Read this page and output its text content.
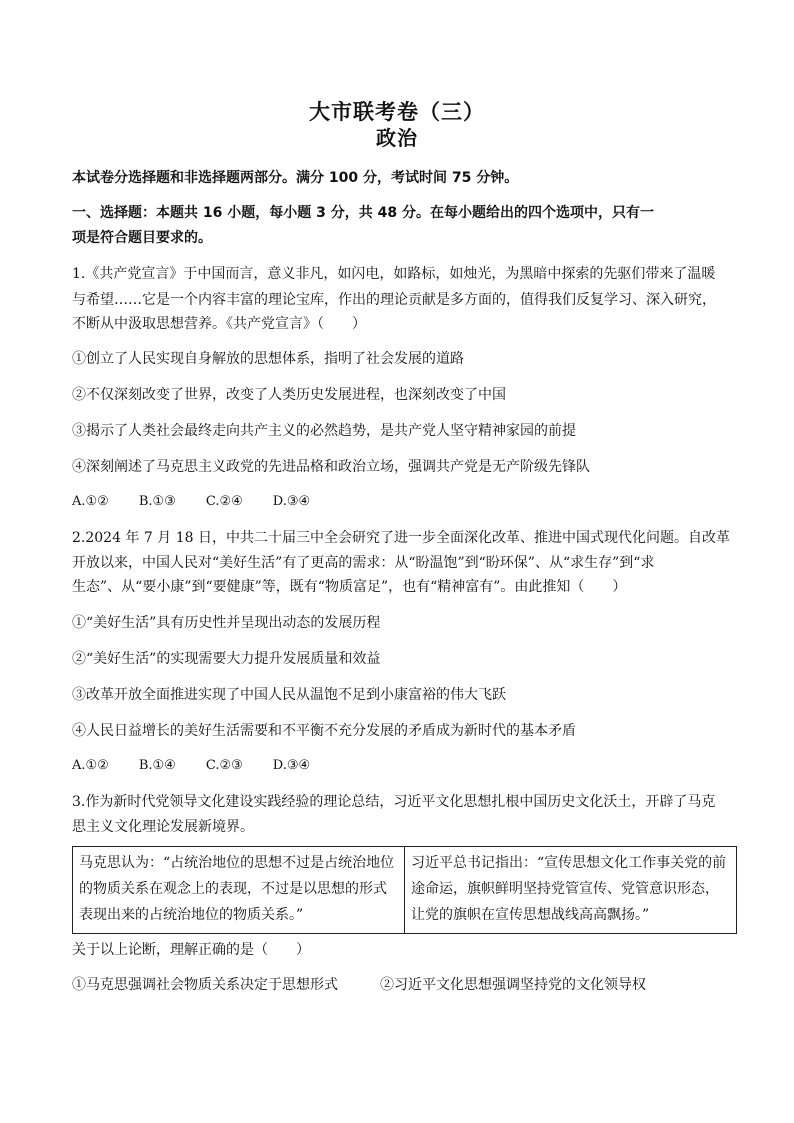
大市联考卷（三）
政治
本试卷分选择题和非选择题两部分。满分 100 分，考试时间 75 分钟。
一、选择题：本题共 16 小题，每小题 3 分，共 48 分。在每小题给出的四个选项中，只有一
项是符合题目要求的。
1.《共产党宣言》于中国而言，意义非凡，如闪电，如路标，如烛光，为黑暗中探索的先驱们带来了温暖
与希望……它是一个内容丰富的理论宝库，作出的理论贡献是多方面的，值得我们反复学习、深入研究，
不断从中汲取思想营养。《共产党宣言》（　　）
①创立了人民实现自身解放的思想体系，指明了社会发展的道路
②不仅深刻改变了世界，改变了人类历史发展进程，也深刻改变了中国
③揭示了人类社会最终走向共产主义的必然趋势，是共产党人坚守精神家园的前提
④深刻阐述了马克思主义政党的先进品格和政治立场，强调共产党是无产阶级先锋队
A.①② B.①③ C.②④ D.③④
2.2024 年 7 月 18 日，中共二十届三中全会研究了进一步全面深化改革、推进中国式现代化问题。自改革
开放以来，中国人民对“美好生活”有了更高的需求：从“盼温饱”到“盼环保”、从“求生存”到“求
生态”、从“要小康”到“要健康”等，既有“物质富足”，也有“精神富有”。由此推知（　　）
①“美好生活”具有历史性并呈现出动态的发展历程
②“美好生活”的实现需要大力提升发展质量和效益
③改革开放全面推进实现了中国人民从温饱不足到小康富裕的伟大飞跃
④人民日益增长的美好生活需要和不平衡不充分发展的矛盾成为新时代的基本矛盾
A.①② B.①④ C.②③ D.③④
3.作为新时代党领导文化建设实践经验的理论总结，习近平文化思想扎根中国历史文化沃土，开辟了马克
思主义文化理论发展新境界。
马克思认为：“占统治地位的思想不过是占统治地位的物质关系在观念上的表现，不过是以思想的形式表现出来的占统治地位的物质关系。”	习近平总书记指出：“宣传思想文化工作事关党的前途命运，旗帜鲜明坚持党管宣传、党管意识形态，让党的旗帜在宣传思想战线高高飘扬。”
关于以上论断，理解正确的是（　　）
①马克思强调社会物质关系决定于思想形式	②习近平文化思想强调坚持党的文化领导权
